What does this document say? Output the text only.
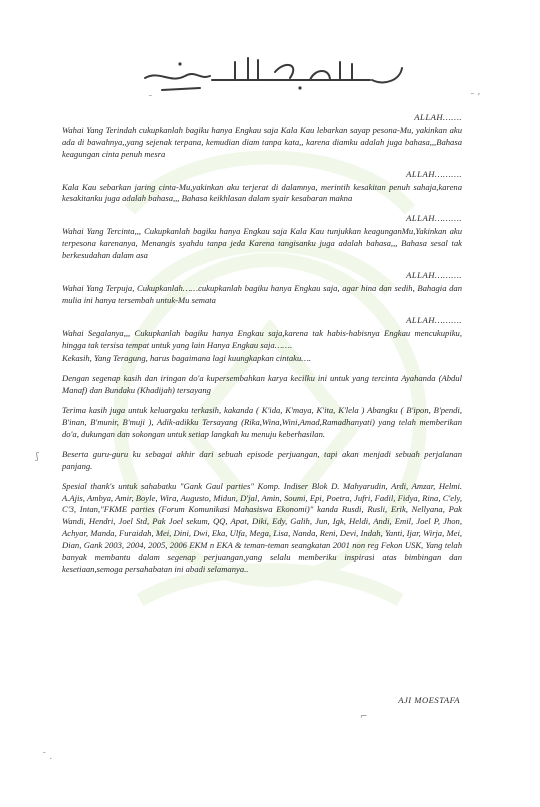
˜ ’
˜
ALLAH…….

Wahai Yang Terindah cukupkanlah bagiku hanya Engkau saja Kala Kau lebarkan sayap pesona-Mu, yakinkan aku ada di bawahnya,,yang sejenak terpana, kemudian diam tanpa kata,, karena diamku adalah juga bahasa,,,Bahasa keagungan cinta penuh mesra

ALLAH……….

Kala Kau sebarkan jaring cinta-Mu,yakinkan aku terjerat di dalamnya, merintih kesakitan penuh sahaja,karena kesakitanku juga adalah bahasa,,, Bahasa keikhlasan dalam syair kesabaran makna

ALLAH……….

Wahai Yang Tercinta,,, Cukupkanlah bagiku hanya Engkau saja Kala Kau tunjukkan keagunganMu,Yakinkan aku terpesona karenanya, Menangis syahdu tanpa jeda Karena tangisanku juga adalah bahasa,,, Bahasa sesal tak berkesudahan dalam asa

ALLAH……….

Wahai Yang Terpuja, Cukupkanlah……cukupkanlah bagiku hanya Engkau saja, agar hina dan sedih, Bahagia dan mulia ini hanya tersembah untuk-Mu semata

ALLAH……….

Wahai Segalanya,,, Cukupkanlah bagiku hanya Engkau saja,karena tak habis-habisnya Engkau mencukupiku, hingga tak tersisa tempat untuk yang lain Hanya Engkau saja…….

Kekasih, Yang Teragung, harus bagaimana lagi kuungkapkan cintaku….

Dengan segenap kasih dan iringan do'a kupersembahkan karya kecilku ini untuk yang tercinta Ayahanda (Abdul Manaf) dan Bundaku (Khadijah) tersayang

Terima kasih juga untuk keluargaku terkasih, kakanda ( K'ida, K'maya, K'ita, K'lela ) Abangku ( B'ipon, B'pendi, B'inan, B'munir, B'muji ), Adik-adikku Tersayang (Rika,Wina,Wini,Amad,Ramadhanyati) yang telah memberikan do'a, dukungan dan sokongan untuk setiap langkah ku menuju keberhasilan.

Beserta guru-guru ku sebagai akhir dari sebuah episode perjuangan, tapi akan menjadi sebuah perjalanan panjang.

Spesial thank's untuk sahabatku "Gank Gaul parties" Komp. Indiser Blok D. Mahyarudin, Ardi, Amzar, Helmi. A.Ajis, Ambya, Amir, Boyle, Wira, Augusto, Midun, D'jal, Amin, Soumi, Epi, Poetra, Jufri, Fadil, Fidya, Rina, C'ely, C'3, Intan,"FKME parties (Forum Komunikasi Mahasiswa Ekonomi)" kanda Rusdi, Rusli, Erik, Nellyana, Pak Wandi, Hendri, Joel Std, Pak Joel sekum, QQ, Apat, Diki, Edy, Galih, Jun, Igk, Heldi, Andi, Emil, Joel P, Jhon, Achyar, Manda, Furaidah, Mei, Dini, Dwi, Eka, Ulfa, Mega, Lisa, Nanda, Reni, Devi, Indah, Yanti, Ijar, Wirja, Mei, Dian, Gank 2003, 2004, 2005, 2006 EKM n EKA & teman-teman seangkatan 2001 non reg Fekon USK, Yang telah banyak membantu dalam segenap perjuangan,yang selalu memberiku inspirasi atas bimbingan dan kesetiaan,semoga persahabatan ini abadi selamanya..

AJI MOESTAFA
ʃ
˘ .
⌐
